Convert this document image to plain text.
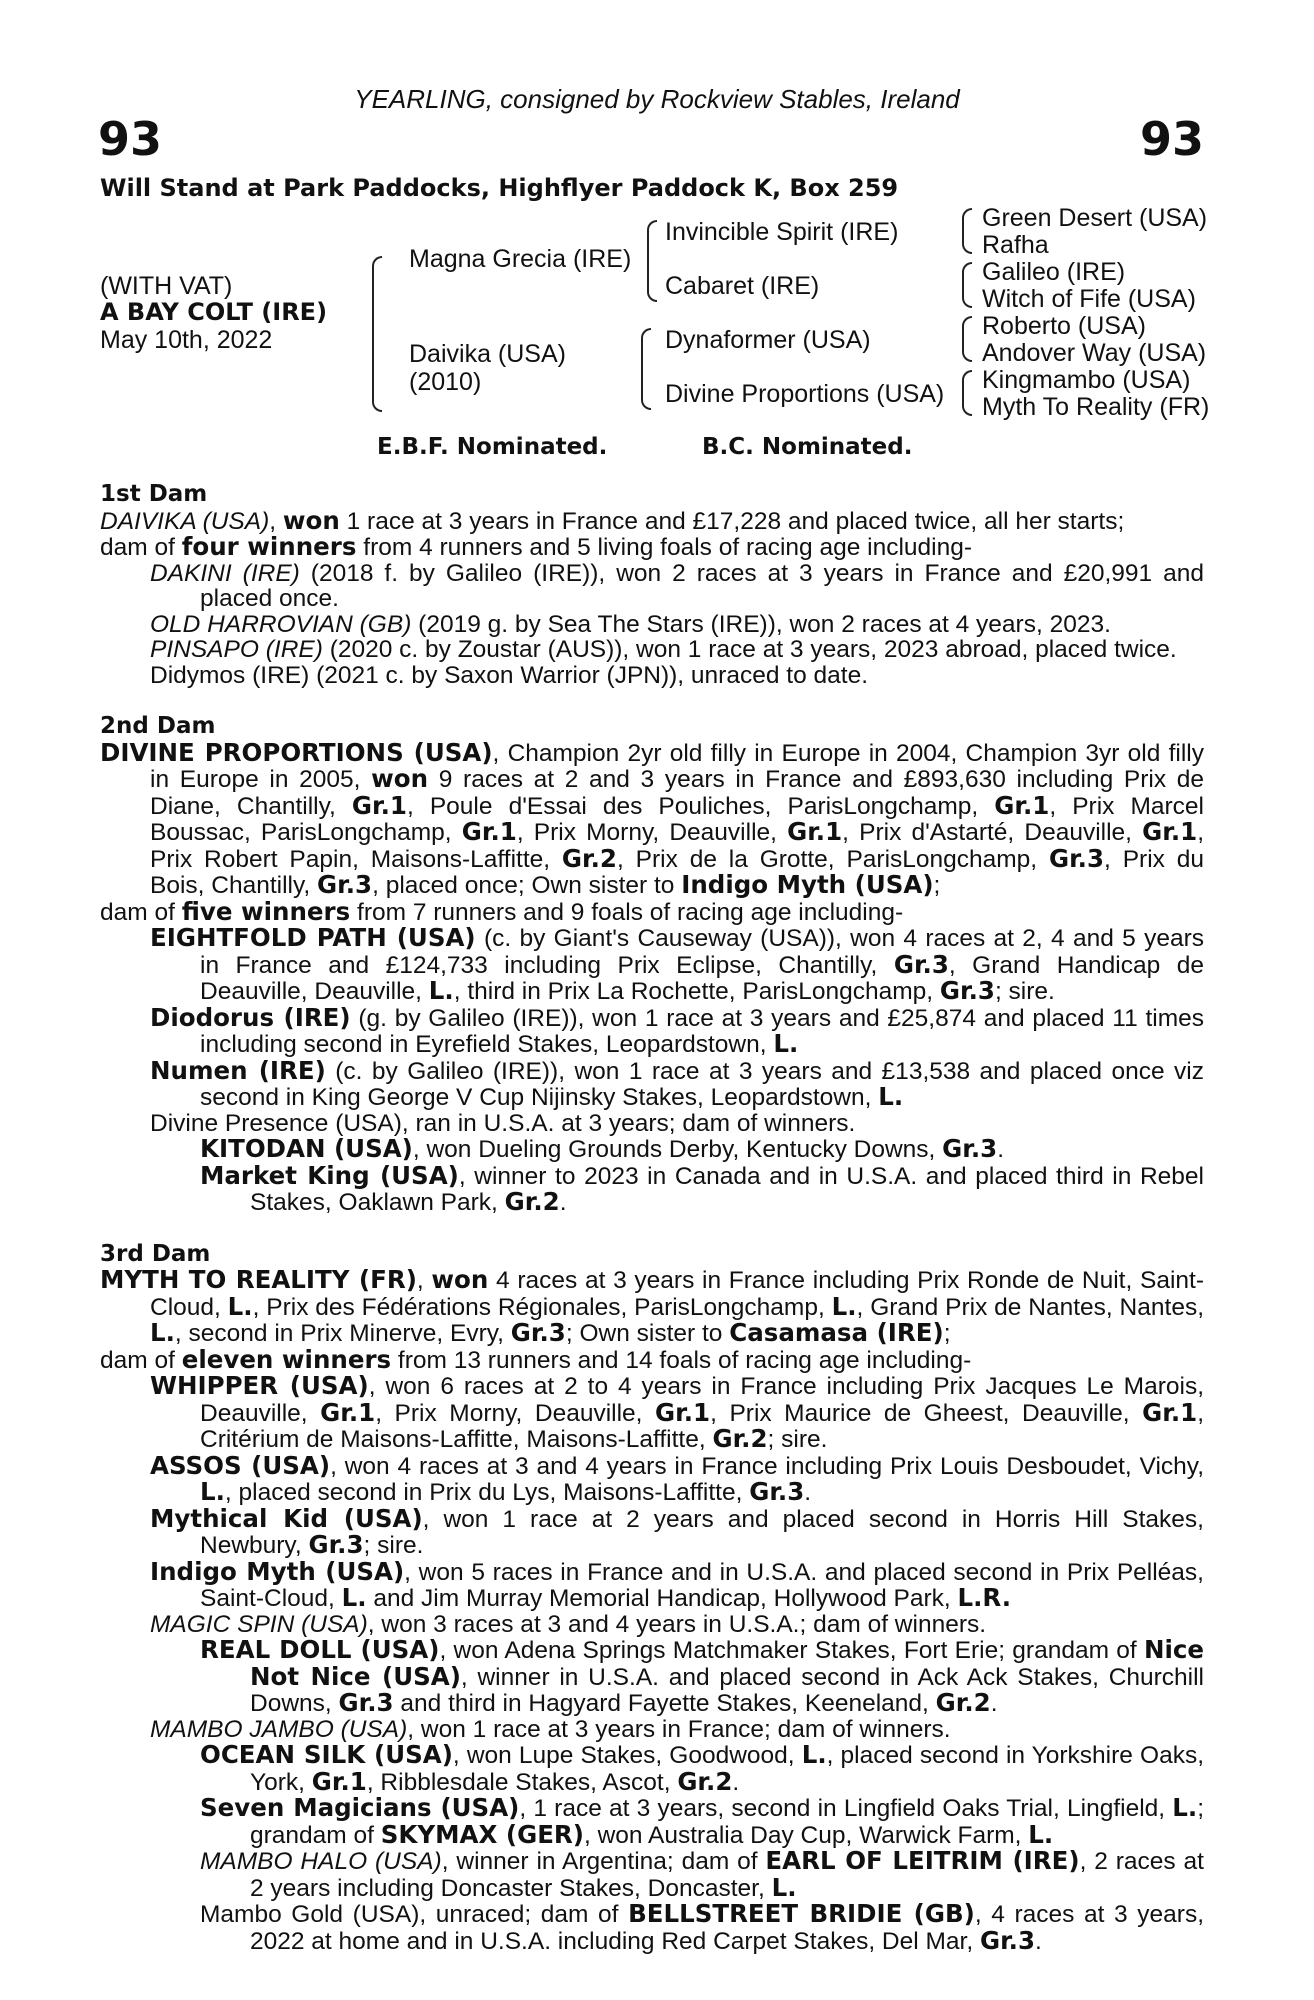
YEARLING, consigned by Rockview Stables, Ireland
93	93
Will Stand at Park Paddocks, Highflyer Paddock K, Box 259
(WITH VAT)
A BAY COLT (IRE)
May 10th, 2022
Magna Grecia (IRE)
Daivika (USA)
(2010)
Invincible Spirit (IRE)
Cabaret (IRE)
Dynaformer (USA)
Divine Proportions (USA)
Green Desert (USA)
Rafha
Galileo (IRE)
Witch of Fife (USA)
Roberto (USA)
Andover Way (USA)
Kingmambo (USA)
Myth To Reality (FR)
E.B.F. Nominated.	B.C. Nominated.
1st Dam

DAIVIKA (USA), won 1 race at 3 years in France and £17,228 and placed twice, all her starts;

dam of four winners from 4 runners and 5 living foals of racing age including-

DAKINI (IRE) (2018 f. by Galileo (IRE)), won 2 races at 3 years in France and £20,991 and placed once.

OLD HARROVIAN (GB) (2019 g. by Sea The Stars (IRE)), won 2 races at 4 years, 2023.

PINSAPO (IRE) (2020 c. by Zoustar (AUS)), won 1 race at 3 years, 2023 abroad, placed twice.

Didymos (IRE) (2021 c. by Saxon Warrior (JPN)), unraced to date.

2nd Dam

DIVINE PROPORTIONS (USA), Champion 2yr old filly in Europe in 2004, Champion 3yr old filly in Europe in 2005, won 9 races at 2 and 3 years in France and £893,630 including Prix de Diane, Chantilly, Gr.1, Poule d'Essai des Pouliches, ParisLongchamp, Gr.1, Prix Marcel Boussac, ParisLongchamp, Gr.1, Prix Morny, Deauville, Gr.1, Prix d'Astarté, Deauville, Gr.1, Prix Robert Papin, Maisons-Laffitte, Gr.2, Prix de la Grotte, ParisLongchamp, Gr.3, Prix du Bois, Chantilly, Gr.3, placed once; Own sister to Indigo Myth (USA);

dam of five winners from 7 runners and 9 foals of racing age including-

EIGHTFOLD PATH (USA) (c. by Giant's Causeway (USA)), won 4 races at 2, 4 and 5 years in France and £124,733 including Prix Eclipse, Chantilly, Gr.3, Grand Handicap de Deauville, Deauville, L., third in Prix La Rochette, ParisLongchamp, Gr.3; sire.

Diodorus (IRE) (g. by Galileo (IRE)), won 1 race at 3 years and £25,874 and placed 11 times including second in Eyrefield Stakes, Leopardstown, L.

Numen (IRE) (c. by Galileo (IRE)), won 1 race at 3 years and £13,538 and placed once viz second in King George V Cup Nijinsky Stakes, Leopardstown, L.

Divine Presence (USA), ran in U.S.A. at 3 years; dam of winners.

KITODAN (USA), won Dueling Grounds Derby, Kentucky Downs, Gr.3.

Market King (USA), winner to 2023 in Canada and in U.S.A. and placed third in Rebel Stakes, Oaklawn Park, Gr.2.

3rd Dam

MYTH TO REALITY (FR), won 4 races at 3 years in France including Prix Ronde de Nuit, Saint-Cloud, L., Prix des Fédérations Régionales, ParisLongchamp, L., Grand Prix de Nantes, Nantes, L., second in Prix Minerve, Evry, Gr.3; Own sister to Casamasa (IRE);

dam of eleven winners from 13 runners and 14 foals of racing age including-

WHIPPER (USA), won 6 races at 2 to 4 years in France including Prix Jacques Le Marois, Deauville, Gr.1, Prix Morny, Deauville, Gr.1, Prix Maurice de Gheest, Deauville, Gr.1, Critérium de Maisons-Laffitte, Maisons-Laffitte, Gr.2; sire.

ASSOS (USA), won 4 races at 3 and 4 years in France including Prix Louis Desboudet, Vichy, L., placed second in Prix du Lys, Maisons-Laffitte, Gr.3.

Mythical Kid (USA), won 1 race at 2 years and placed second in Horris Hill Stakes, Newbury, Gr.3; sire.

Indigo Myth (USA), won 5 races in France and in U.S.A. and placed second in Prix Pelléas, Saint-Cloud, L. and Jim Murray Memorial Handicap, Hollywood Park, L.R.

MAGIC SPIN (USA), won 3 races at 3 and 4 years in U.S.A.; dam of winners.

REAL DOLL (USA), won Adena Springs Matchmaker Stakes, Fort Erie; grandam of Nice Not Nice (USA), winner in U.S.A. and placed second in Ack Ack Stakes, Churchill Downs, Gr.3 and third in Hagyard Fayette Stakes, Keeneland, Gr.2.

MAMBO JAMBO (USA), won 1 race at 3 years in France; dam of winners.

OCEAN SILK (USA), won Lupe Stakes, Goodwood, L., placed second in Yorkshire Oaks, York, Gr.1, Ribblesdale Stakes, Ascot, Gr.2.

Seven Magicians (USA), 1 race at 3 years, second in Lingfield Oaks Trial, Lingfield, L.; grandam of SKYMAX (GER), won Australia Day Cup, Warwick Farm, L.

MAMBO HALO (USA), winner in Argentina; dam of EARL OF LEITRIM (IRE), 2 races at 2 years including Doncaster Stakes, Doncaster, L.

Mambo Gold (USA), unraced; dam of BELLSTREET BRIDIE (GB), 4 races at 3 years, 2022 at home and in U.S.A. including Red Carpet Stakes, Del Mar, Gr.3.
